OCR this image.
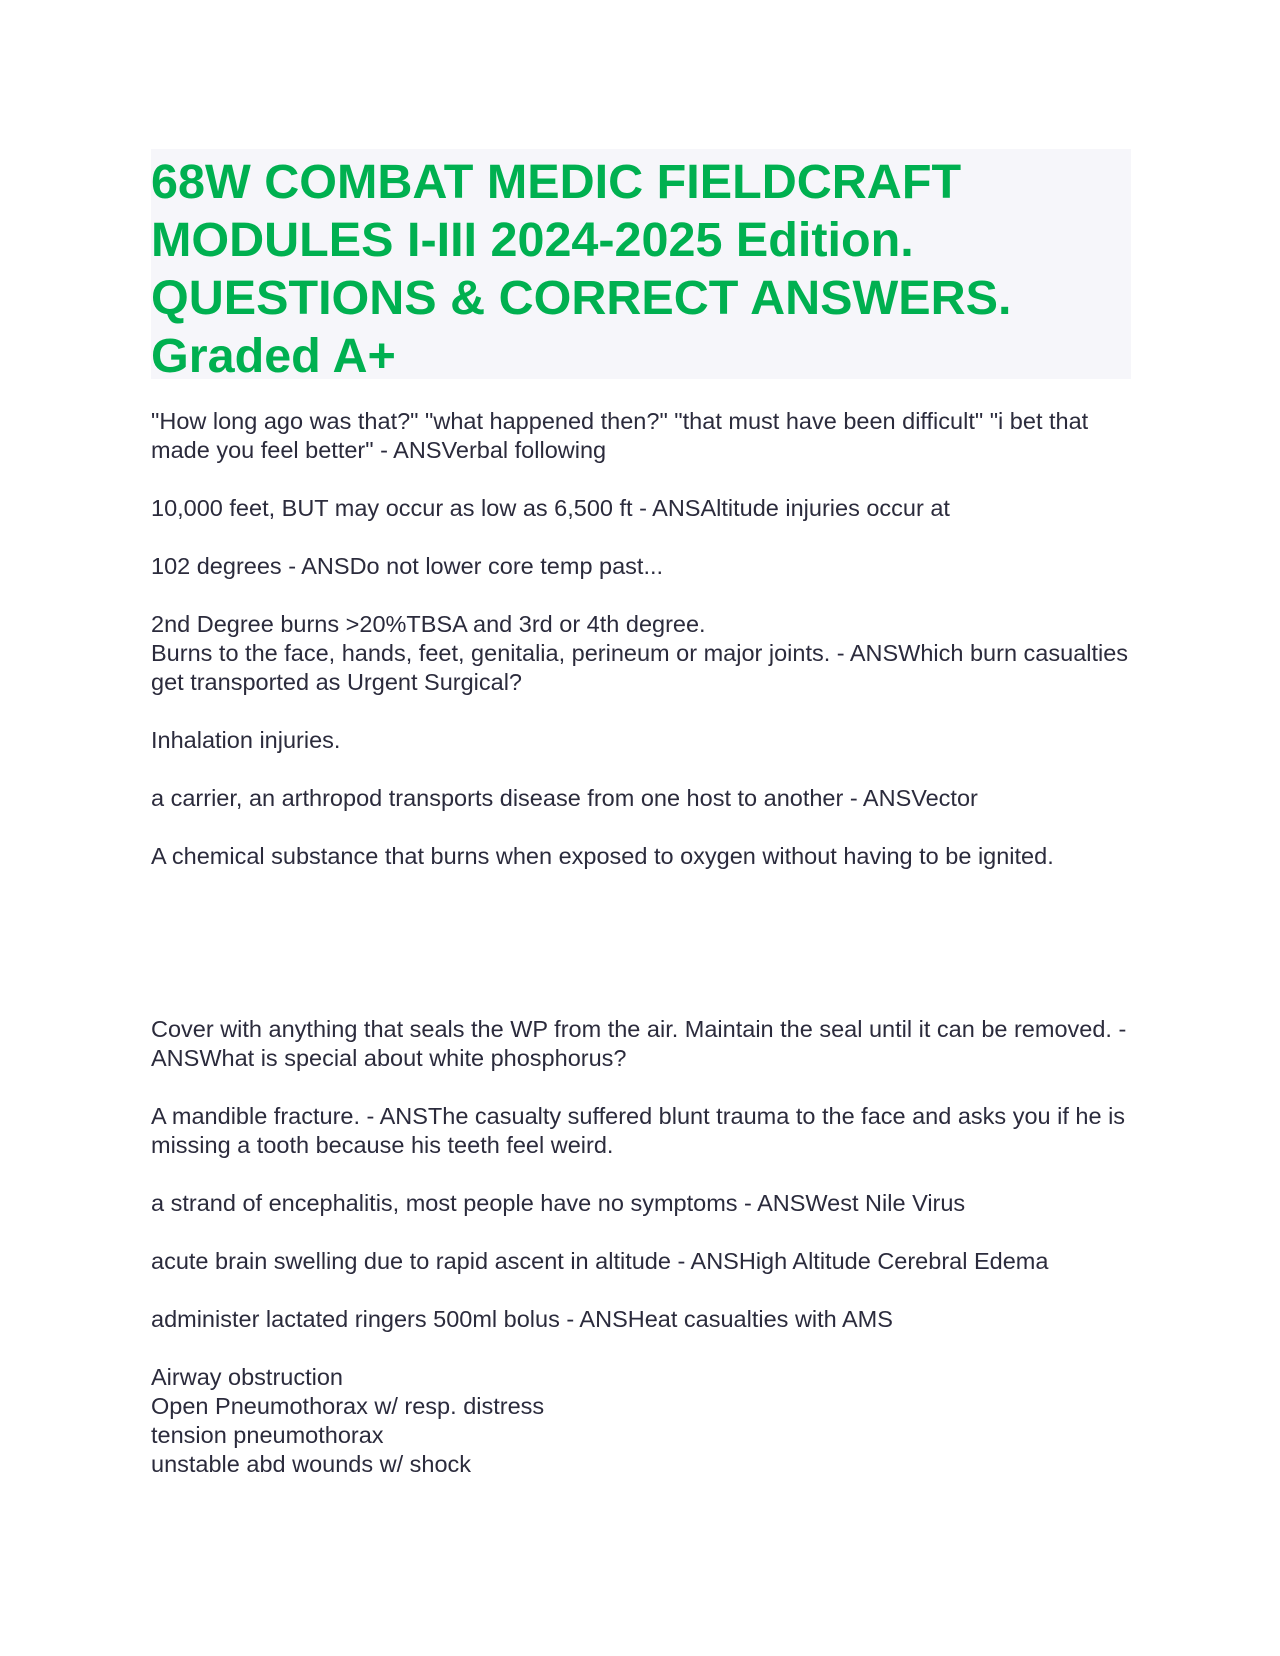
68W COMBAT MEDIC FIELDCRAFT MODULES I-III 2024-2025 Edition. QUESTIONS & CORRECT ANSWERS. Graded A+

"How long ago was that?" "what happened then?" "that must have been difficult" "i bet that made you feel better" - ANSVerbal following

10,000 feet, BUT may occur as low as 6,500 ft - ANSAltitude injuries occur at

102 degrees - ANSDo not lower core temp past...

2nd Degree burns >20%TBSA and 3rd or 4th degree.
Burns to the face, hands, feet, genitalia, perineum or major joints. - ANSWhich burn casualties get transported as Urgent Surgical?

Inhalation injuries.

a carrier, an arthropod transports disease from one host to another - ANSVector

A chemical substance that burns when exposed to oxygen without having to be ignited.

Cover with anything that seals the WP from the air. Maintain the seal until it can be removed. - ANSWhat is special about white phosphorus?

A mandible fracture. - ANSThe casualty suffered blunt trauma to the face and asks you if he is missing a tooth because his teeth feel weird.

a strand of encephalitis, most people have no symptoms - ANSWest Nile Virus

acute brain swelling due to rapid ascent in altitude - ANSHigh Altitude Cerebral Edema

administer lactated ringers 500ml bolus - ANSHeat casualties with AMS

Airway obstruction
Open Pneumothorax w/ resp. distress
tension pneumothorax
unstable abd wounds w/ shock
